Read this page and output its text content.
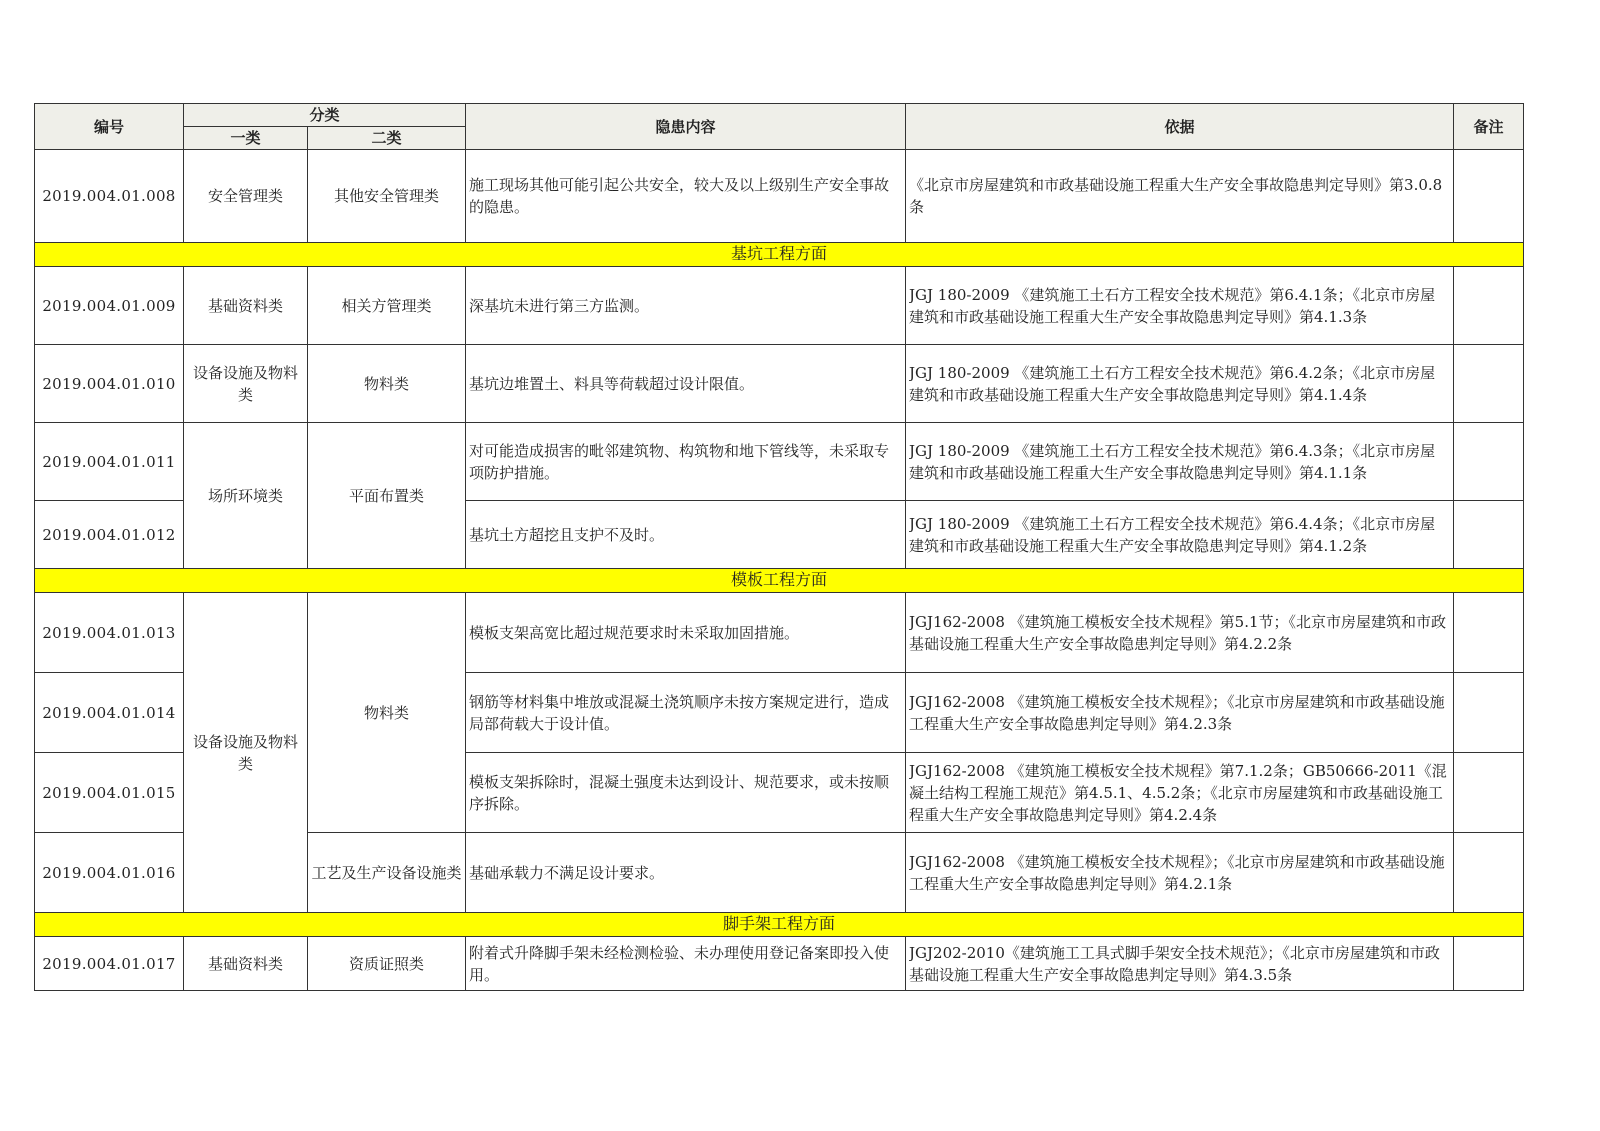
编号	分类		隐患内容	依据	备注
	一类	二类			
2019.004.01.008	安全管理类	其他安全管理类	施工现场其他可能引起公共安全，较大及以上级别生产安全事故的隐患。	《北京市房屋建筑和市政基础设施工程重大生产安全事故隐患判定导则》第3.0.8条	
基坑工程方面					
2019.004.01.009	基础资料类	相关方管理类	深基坑未进行第三方监测。	JGJ 180-2009 《建筑施工土石方工程安全技术规范》第6.4.1条；《北京市房屋建筑和市政基础设施工程重大生产安全事故隐患判定导则》第4.1.3条	

2019.004.01.010	设备设施及物料类	物料类	基坑边堆置土、料具等荷载超过设计限值。	JGJ 180-2009 《建筑施工土石方工程安全技术规范》第6.4.2条；《北京市房屋建筑和市政基础设施工程重大生产安全事故隐患判定导则》第4.1.4条	

2019.004.01.011	场所环境类	平面布置类	对可能造成损害的毗邻建筑物、构筑物和地下管线等，未采取专项防护措施。	JGJ 180-2009 《建筑施工土石方工程安全技术规范》第6.4.3条；《北京市房屋建筑和市政基础设施工程重大生产安全事故隐患判定导则》第4.1.1条	

2019.004.01.012			基坑土方超挖且支护不及时。	JGJ 180-2009 《建筑施工土石方工程安全技术规范》第6.4.4条；《北京市房屋建筑和市政基础设施工程重大生产安全事故隐患判定导则》第4.1.2条	

模板工程方面					
2019.004.01.013	设备设施及物料类	物料类	模板支架高宽比超过规范要求时未采取加固措施。	JGJ162-2008 《建筑施工模板安全技术规程》第5.1节；《北京市房屋建筑和市政基础设施工程重大生产安全事故隐患判定导则》第4.2.2条	

2019.004.01.014			钢筋等材料集中堆放或混凝土浇筑顺序未按方案规定进行，造成局部荷载大于设计值。	JGJ162-2008 《建筑施工模板安全技术规程》；《北京市房屋建筑和市政基础设施工程重大生产安全事故隐患判定导则》第4.2.3条	

2019.004.01.015			模板支架拆除时，混凝土强度未达到设计、规范要求，或未按顺序拆除。	JGJ162-2008 《建筑施工模板安全技术规程》第7.1.2条；GB50666-2011《混凝土结构工程施工规范》第4.5.1、4.5.2条；《北京市房屋建筑和市政基础设施工程重大生产安全事故隐患判定导则》第4.2.4条	

2019.004.01.016		工艺及生产设备设施类	基础承载力不满足设计要求。	JGJ162-2008 《建筑施工模板安全技术规程》；《北京市房屋建筑和市政基础设施工程重大生产安全事故隐患判定导则》第4.2.1条	

脚手架工程方面					
2019.004.01.017	基础资料类	资质证照类	附着式升降脚手架未经检测检验、未办理使用登记备案即投入使用。	JGJ202-2010《建筑施工工具式脚手架安全技术规范》；《北京市房屋建筑和市政基础设施工程重大生产安全事故隐患判定导则》第4.3.5条	
